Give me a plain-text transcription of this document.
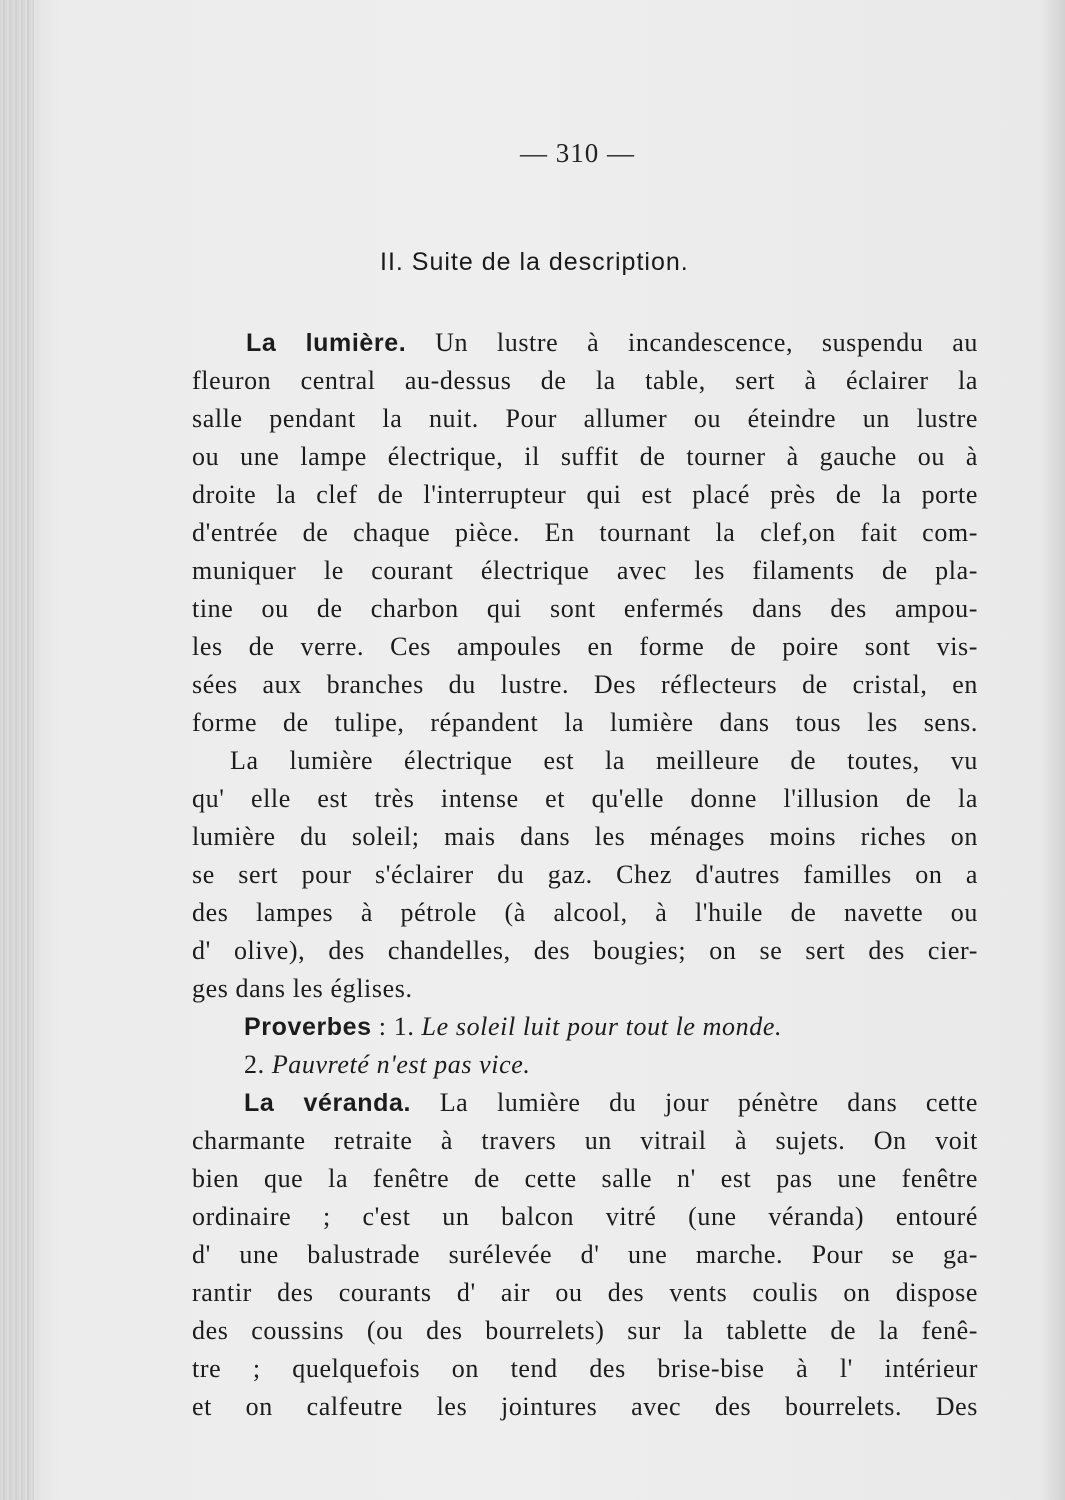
— 310 —
II. Suite de la description.
La lumière. Un lustre à incandescence, suspendu au
fleuron central au-dessus de la table, sert à éclairer la
salle pendant la nuit. Pour allumer ou éteindre un lustre
ou une lampe électrique, il suffit de tourner à gauche ou à
droite la clef de l'interrupteur qui est placé près de la porte
d'entrée de chaque pièce. En tournant la clef,on fait com-
muniquer le courant électrique avec les filaments de pla-
tine ou de charbon qui sont enfermés dans des ampou-
les de verre. Ces ampoules en forme de poire sont vis-
sées aux branches du lustre. Des réflecteurs de cristal, en
forme de tulipe, répandent la lumière dans tous les sens.
La lumière électrique est la meilleure de toutes, vu
qu' elle est très intense et qu'elle donne l'illusion de la
lumière du soleil; mais dans les ménages moins riches on
se sert pour s'éclairer du gaz. Chez d'autres familles on a
des lampes à pétrole (à alcool, à l'huile de navette ou
d' olive), des chandelles, des bougies; on se sert des cier-
ges dans les églises.
Proverbes : 1. Le soleil luit pour tout le monde.
2. Pauvreté n'est pas vice.
La véranda. La lumière du jour pénètre dans cette
charmante retraite à travers un vitrail à sujets. On voit
bien que la fenêtre de cette salle n' est pas une fenêtre
ordinaire ; c'est un balcon vitré (une véranda) entouré
d' une balustrade surélevée d' une marche. Pour se ga-
rantir des courants d' air ou des vents coulis on dispose
des coussins (ou des bourrelets) sur la tablette de la fenê-
tre ; quelquefois on tend des brise-bise à l' intérieur
et on calfeutre les jointures avec des bourrelets. Des
